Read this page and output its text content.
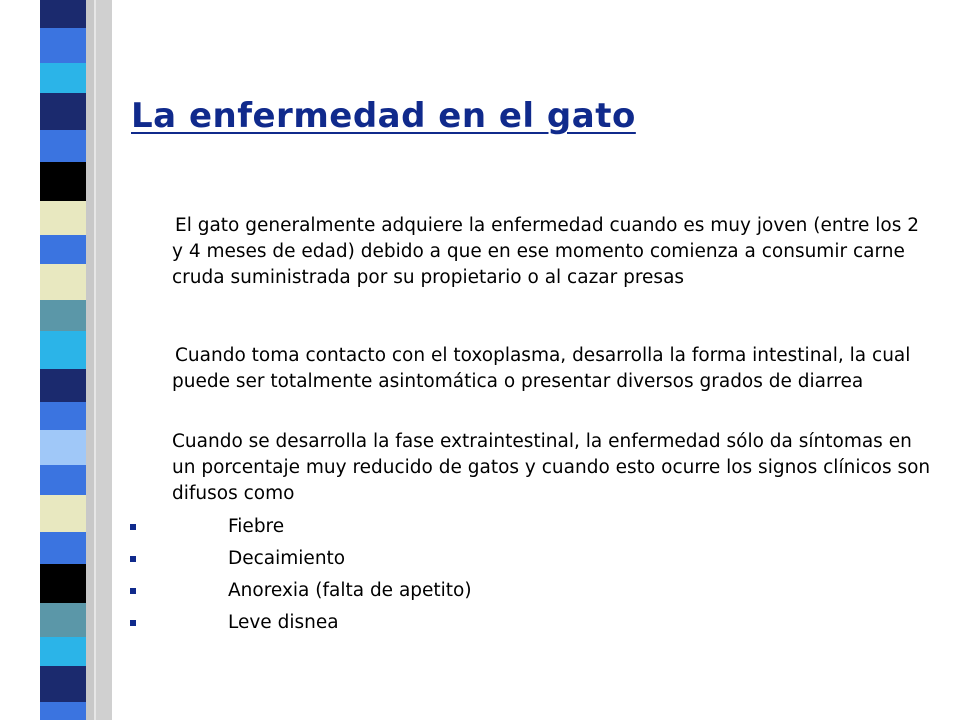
La enfermedad en el gato

El gato generalmente adquiere la enfermedad cuando es muy joven (entre los 2 y 4 meses de edad) debido a que en ese momento comienza a consumir carne cruda suministrada por su propietario o al cazar presas

Cuando toma contacto con el toxoplasma, desarrolla la forma intestinal, la cual puede ser totalmente asintomática o presentar diversos grados de diarrea

Cuando se desarrolla la fase extraintestinal, la enfermedad sólo da síntomas en un porcentaje muy reducido de gatos y cuando esto ocurre los signos clínicos son difusos como

Fiebre
Decaimiento
Anorexia (falta de apetito)
Leve disnea
